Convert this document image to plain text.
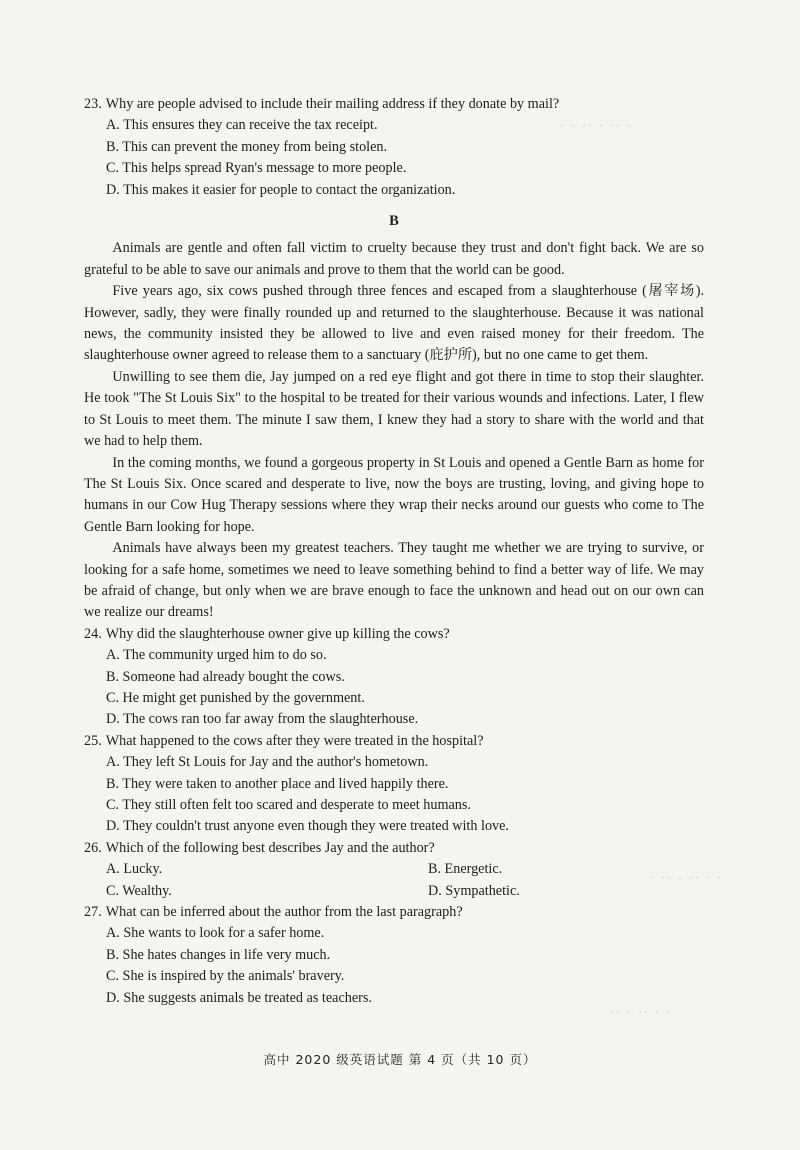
23. Why are people advised to include their mailing address if they donate by mail?

A. This ensures they can receive the tax receipt.

B. This can prevent the money from being stolen.

C. This helps spread Ryan's message to more people.

D. This makes it easier for people to contact the organization.

B

Animals are gentle and often fall victim to cruelty because they trust and don't fight back. We are so grateful to be able to save our animals and prove to them that the world can be good.

Five years ago, six cows pushed through three fences and escaped from a slaughterhouse (屠宰场). However, sadly, they were finally rounded up and returned to the slaughterhouse. Because it was national news, the community insisted they be allowed to live and even raised money for their freedom. The slaughterhouse owner agreed to release them to a sanctuary (庇护所), but no one came to get them.

Unwilling to see them die, Jay jumped on a red eye flight and got there in time to stop their slaughter. He took "The St Louis Six" to the hospital to be treated for their various wounds and infections. Later, I flew to St Louis to meet them. The minute I saw them, I knew they had a story to share with the world and that we had to help them.

In the coming months, we found a gorgeous property in St Louis and opened a Gentle Barn as home for The St Louis Six. Once scared and desperate to live, now the boys are trusting, loving, and giving hope to humans in our Cow Hug Therapy sessions where they wrap their necks around our guests who come to The Gentle Barn looking for hope.

Animals have always been my greatest teachers. They taught me whether we are trying to survive, or looking for a safe home, sometimes we need to leave something behind to find a better way of life. We may be afraid of change, but only when we are brave enough to face the unknown and head out on our own can we realize our dreams!

24. Why did the slaughterhouse owner give up killing the cows?

A. The community urged him to do so.

B. Someone had already bought the cows.

C. He might get punished by the government.

D. The cows ran too far away from the slaughterhouse.

25. What happened to the cows after they were treated in the hospital?

A. They left St Louis for Jay and the author's hometown.

B. They were taken to another place and lived happily there.

C. They still often felt too scared and desperate to meet humans.

D. They couldn't trust anyone even though they were treated with love.

26. Which of the following best describes Jay and the author?

A. Lucky.	B. Energetic.
C. Wealthy.	D. Sympathetic.

27. What can be inferred about the author from the last paragraph?

A. She wants to look for a safer home.

B. She hates changes in life very much.

C. She is inspired by the animals' bravery.

D. She suggests animals be treated as teachers.

高中 2020 级英语试题 第 4 页（共 10 页）
· · ·· · ·· ·
· ·· · ·· · ·
·· · ·· · ·
